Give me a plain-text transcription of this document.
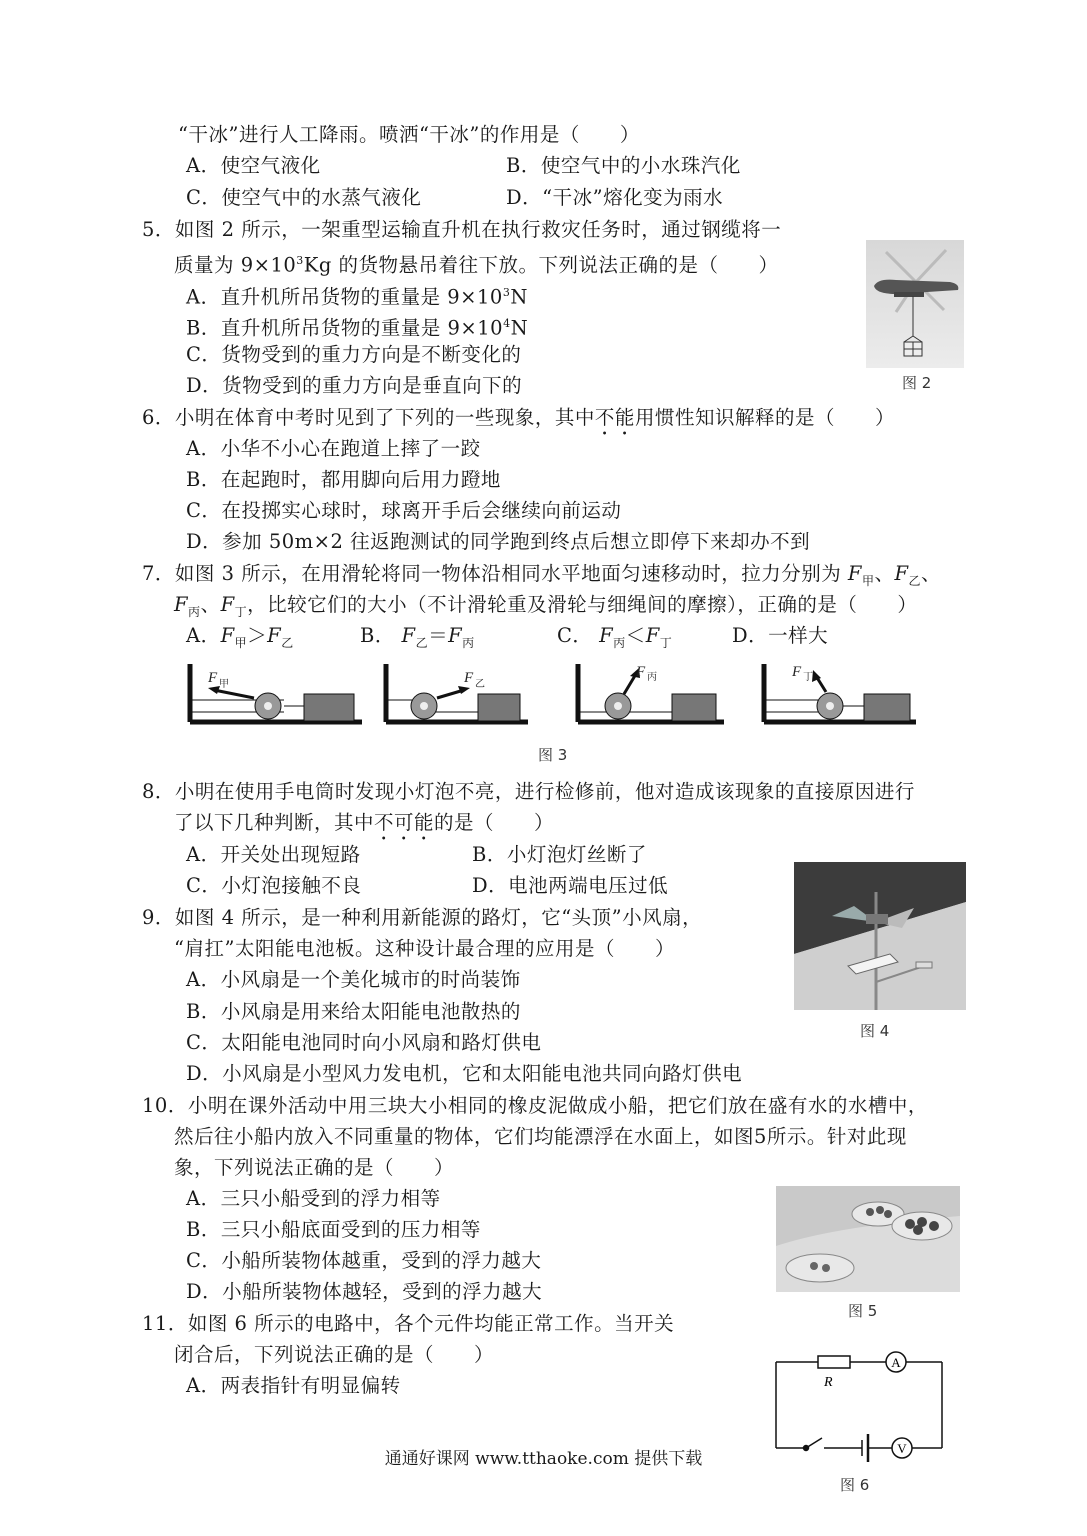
“干冰”进行人工降雨。喷洒“干冰”的作用是（　　）
A．使空气液化	B．使空气中的小水珠汽化
C．使空气中的水蒸气液化	D．“干冰”熔化变为雨水
5．如图 2 所示，一架重型运输直升机在执行救灾任务时，通过钢缆将一
质量为 $9\times 10^3Kg$ 的货物悬吊着往下放。下列说法正确的是（　　）
A．直升机所吊货物的重量是 $9\times 10^3N$
B．直升机所吊货物的重量是 $9\times 10^4N$
C．货物受到的重力方向是不断变化的
D．货物受到的重力方向是垂直向下的	图 2
6．小明在体育中考时见到了下列的一些现象，其中不能用惯性知识解释的是（　　）
A．小华不小心在跑道上摔了一跤
B．在起跑时，都用脚向后用力蹬地
C．在投掷实心球时，球离开手后会继续向前运动
D．参加 50m×2 往返跑测试的同学跑到终点后想立即停下来却办不到
7．如图 3 所示，在用滑轮将同一物体沿相同水平地面匀速移动时，拉力分别为 $F_甲$、$F_乙$、
$F_丙$、$F_丁$，比较它们的大小（不计滑轮重及滑轮与细绳间的摩擦），正确的是（　　）
A．$F_甲>F_乙$	B． $F_乙=F_丙$	C． $F_丙<F_丁$	D．一样大
F 甲	F 乙
F 丙	F 丁
图 3
8．小明在使用手电筒时发现小灯泡不亮，进行检修前，他对造成该现象的直接原因进行
了以下几种判断，其中不可能的是（　　）
A．开关处出现短路	B．小灯泡灯丝断了
C．小灯泡接触不良	D．电池两端电压过低
图 4
9．如图 4 所示，是一种利用新能源的路灯，它“头顶”小风扇，
“肩扛”太阳能电池板。这种设计最合理的应用是（　　）
A．小风扇是一个美化城市的时尚装饰
B．小风扇是用来给太阳能电池散热的
C．太阳能电池同时向小风扇和路灯供电
D．小风扇是小型风力发电机，它和太阳能电池共同向路灯供电
10．小明在课外活动中用三块大小相同的橡皮泥做成小船，把它们放在盛有水的水槽中，
然后往小船内放入不同重量的物体，它们均能漂浮在水面上，如图5所示。针对此现
象，下列说法正确的是（　　）
A．三只小船受到的浮力相等
B．三只小船底面受到的压力相等
C．小船所装物体越重，受到的浮力越大
D．小船所装物体越轻，受到的浮力越大
图 5
11．如图 6 所示的电路中，各个元件均能正常工作。当开关
闭合后，下列说法正确的是（　　）
A．两表指针有明显偏转
A
V
R
图 6
通通好课网 www.tthaoke.com 提供下载
